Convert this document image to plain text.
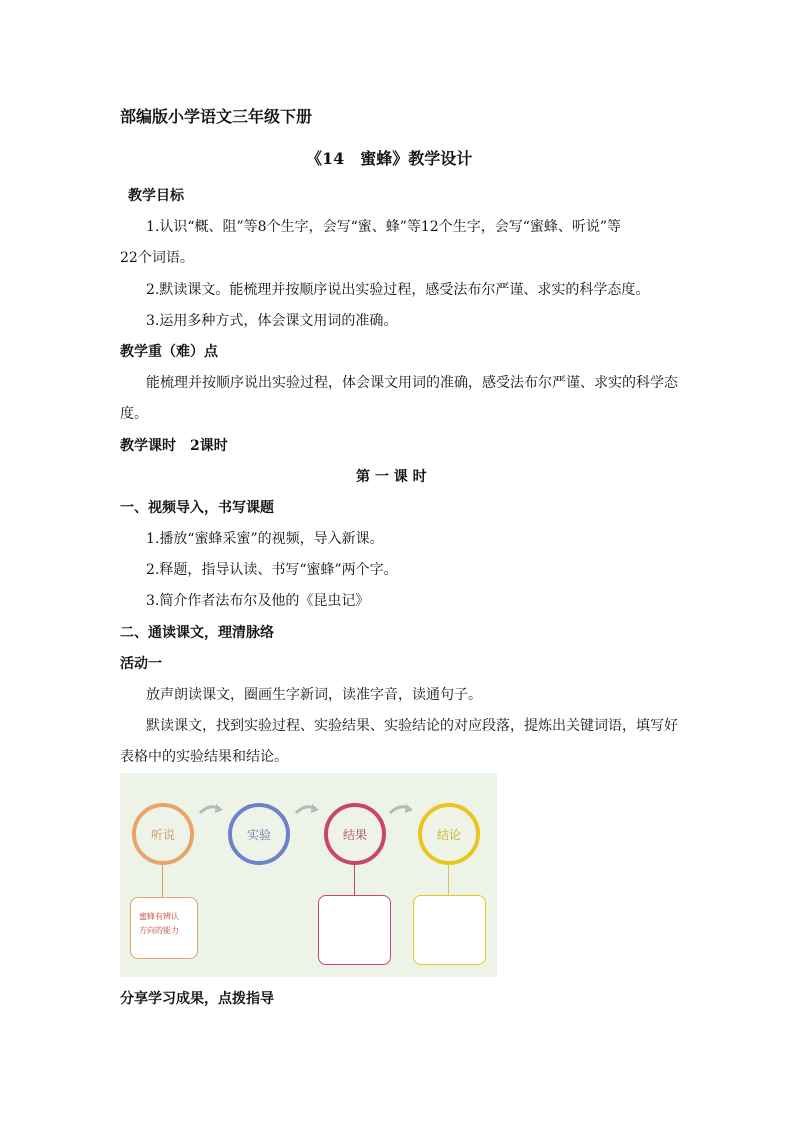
部编版小学语文三年级下册
《14　蜜蜂》教学设计
教学目标
1.认识“概、阻”等8个生字，会写“蜜、蜂”等12个生字，会写“蜜蜂、听说”等
22个词语。
2.默读课文。能梳理并按顺序说出实验过程，感受法布尔严谨、求实的科学态度。
3.运用多种方式，体会课文用词的准确。
教学重（难）点
能梳理并按顺序说出实验过程，体会课文用词的准确，感受法布尔严谨、求实的科学态
度。
教学课时　2课时
第 一 课 时
一、视频导入，书写课题
1.播放“蜜蜂采蜜”的视频，导入新课。
2.释题，指导认读、书写“蜜蜂”两个字。
3.简介作者法布尔及他的《昆虫记》
二、通读课文，理清脉络
活动一
放声朗读课文，圈画生字新词，读准字音，读通句子。
默读课文，找到实验过程、实验结果、实验结论的对应段落，提炼出关键词语，填写好
表格中的实验结果和结论。
听说	实验	结果	结论
蜜蜂有辨认
方向的能力
分享学习成果，点拨指导
